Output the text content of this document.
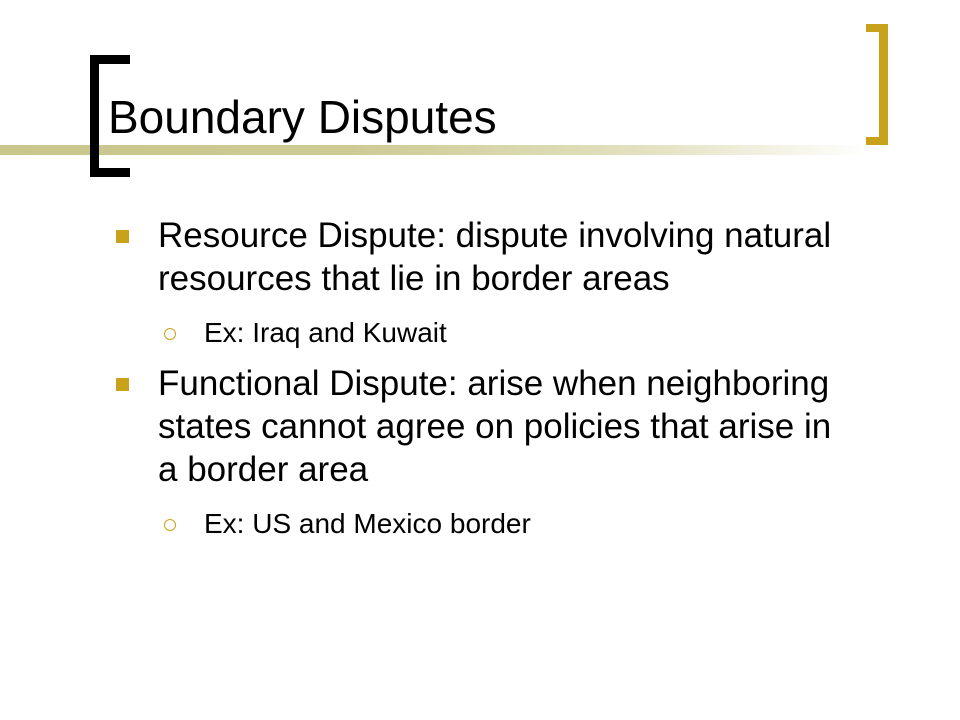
Boundary Disputes
Resource Dispute: dispute involving natural resources that lie in border areas
Ex: Iraq and Kuwait
Functional Dispute: arise when neighboring states cannot agree on policies that arise in a border area
Ex: US and Mexico border
